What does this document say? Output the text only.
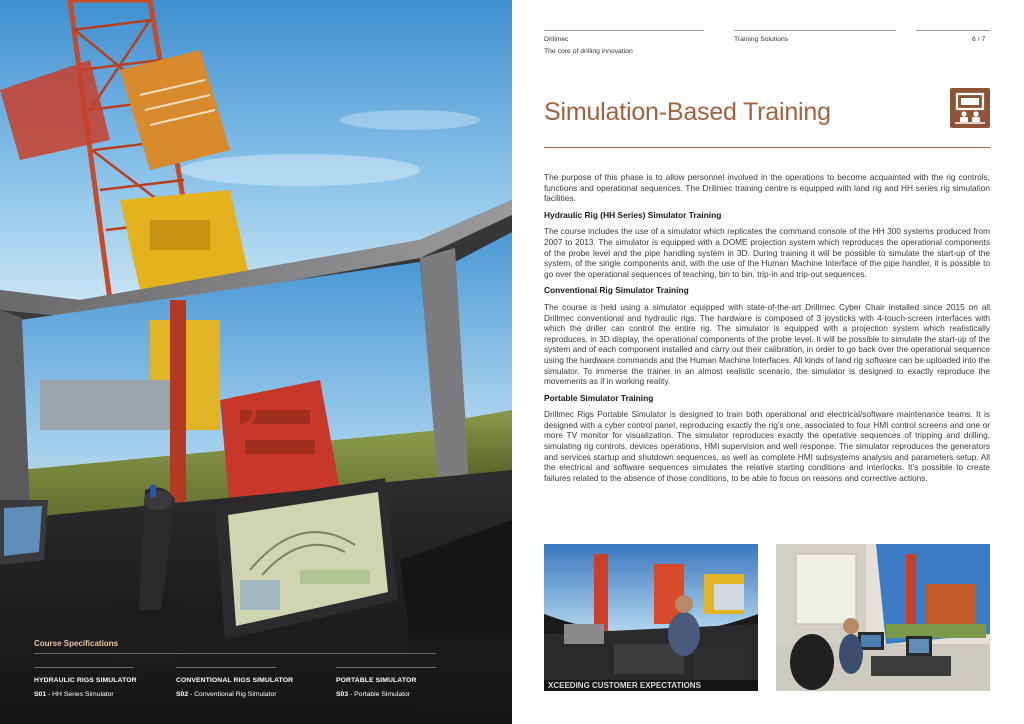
Course Specifications
HYDRAULIC RIGS SIMULATOR
S01 - HH Series Simulator
CONVENTIONAL RIGS SIMULATOR
S02 - Conventional Rig Simulator
PORTABLE SIMULATOR
S03 - Portable Simulator
Drillmec
The core of drilling innovation
Training Solutions	6 / 7
Simulation-Based Training

The purpose of this phase is to allow personnel involved in the operations to become acquainted with the rig controls, functions and operational sequences. The Drillmec training centre is equipped with land rig and HH series rig simulation facilities.

Hydraulic Rig (HH Series) Simulator Training

The course includes the use of a simulator which replicates the command console of the HH 300 systems produced from 2007 to 2013. The simulator is equipped with a DOME projection system which reproduces the operational components of the probe level and the pipe handling system in 3D. During training it will be possible to simulate the start-up of the system, of the single components and, with the use of the Human Machine Interface of the pipe handler, it is possible to go over the operational sequences of teaching, bin to bin, trip-in and trip-out sequences.

Conventional Rig Simulator Training

The course is held using a simulator equipped with state-of-the-art Drillmec Cyber Chair installed since 2015 on all Drillmec conventional and hydraulic rigs. The hardware is composed of 3 joysticks with 4-touch-screen interfaces with which the driller can control the entire rig. The simulator is equipped with a projection system which realistically reproduces, in 3D display, the operational components of the probe level. It will be possible to simulate the start-up of the system and of each component installed and carry out their calibration, in order to go back over the operational sequence using the hardware commands and the Human Machine Interfaces. All kinds of land rig software can be uploaded into the simulator. To immerse the trainer in an almost realistic scenario, the simulator is designed to exactly reproduce the movements as if in working reality.

Portable Simulator Training

Drillmec Rigs Portable Simulator is designed to train both operational and electrical/software maintenance teams. It is designed with a cyber control panel, reproducing exactly the rig’s one, associated to four HMI control screens and one or more TV monitor for visualization. The simulator reproduces exactly the operative sequences of tripping and drilling, simulating rig controls, devices operations, HMI supervision and well response. The simulator reproduces the generators and services startup and shutdown sequences, as well as complete HMI subsystems analysis and parameters setup. All the electrical and software sequences simulates the relative starting conditions and interlocks. It’s possible to create failures related to the absence of those conditions, to be able to focus on reasons and corrective actions.

XCEEDING CUSTOMER EXPECTATIONS
